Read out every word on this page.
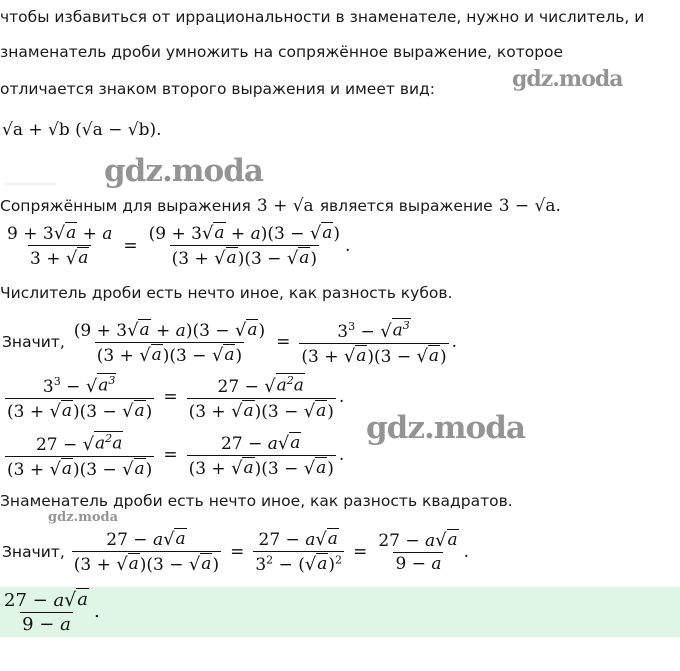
чтобы избавиться от иррациональности в знаменателе, нужно и числитель, и
знаменатель дроби умножить на сопряжённое выражение, которое
отличается знаком второго выражения и имеет вид:	gdz.moda
√a + √b (√a − √b).
gdz.moda
Сопряжённым для выражения 3 + √a является выражение 3 − √a.
$\frac{9 + 3 √ a + a}{3 + √ a} = \frac{(9 + 3 √ a + a)(3 - √ a )}{(3 + √ a )(3 - √ a )}$ .
Числитель дроби есть нечто иное, как разность кубов.
Значит, $\frac{(9 + 3 √ a + a)(3 - √ a )}{(3 + √ a )(3 - √ a )} = \frac{3^3 - √ a^3}{(3 + √ a )(3 - √ a )}$ .
$\frac{3^3 - √ a^3}{(3 + √ a )(3 - √ a )} = \frac{27 - √ a^2a}{(3 + √ a )(3 - √ a )}$ .
gdz.moda
$\frac{27 - √ a^2a}{(3 + √ a )(3 - √ a )} = \frac{27 - a √ a}{(3 + √ a )(3 - √ a )}$ .
Знаменатель дроби есть нечто иное, как разность квадратов.
gdz.moda
Значит, $\frac{27 - a √ a}{(3 + √ a )(3 - √ a )} = \frac{27 - a √ a}{3^2 - ( √ a )^2} = \frac{27 - a √ a}{9 - a}$ .
$\frac{27 - a √ a}{9 - a}$ .
